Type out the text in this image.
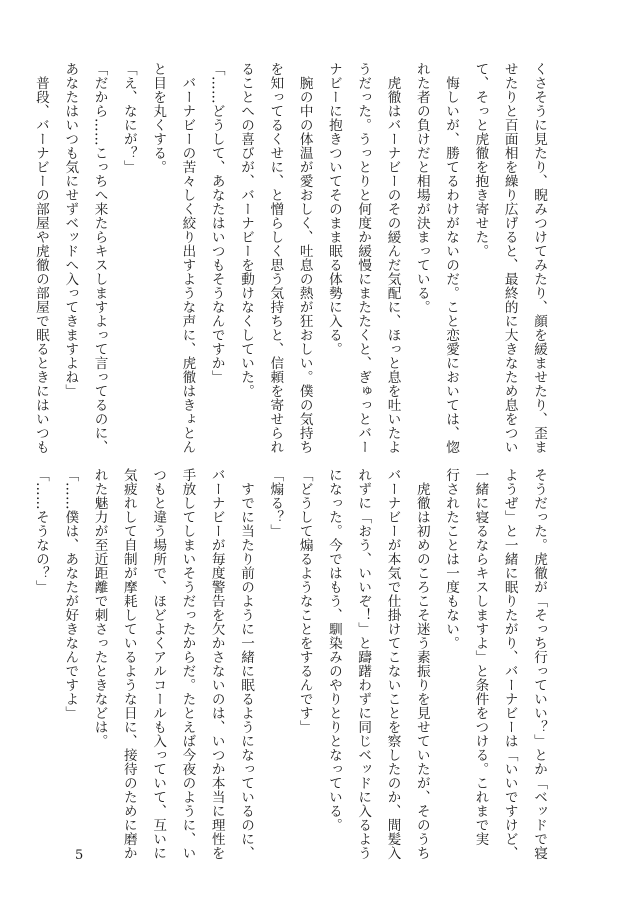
くさそうに見たり、睨みつけてみたり、顔を緩ませたり、歪ま
せたりと百面相を繰り広げると、最終的に大きなため息をつい
て、そっと虎徹を抱き寄せた。
　悔しいが、勝てるわけがないのだ。こと恋愛においては、惚
れた者の負けだと相場が決まっている。
　虎徹はバーナビーのその緩んだ気配に、ほっと息を吐いたよ
うだった。うっとりと何度か緩慢にまたたくと、ぎゅっとバー
ナビーに抱きついてそのまま眠る体勢に入る。
　腕の中の体温が愛おしく、吐息の熱が狂おしい。僕の気持ち
を知ってるくせに、と憎らしく思う気持ちと、信頼を寄せられ
ることへの喜びが、バーナビーを動けなくしていた。
「……どうして、あなたはいつもそうなんですか」
　バーナビーの苦々しく絞り出すような声に、虎徹はきょとん
と目を丸くする。
「え、なにが？」
「だから……こっちへ来たらキスしますよって言ってるのに、
あなたはいつも気にせずベッドへ入ってきますよね」
　普段、バーナビーの部屋や虎徹の部屋で眠るときにはいつも
そうだった。虎徹が「そっち行っていい？」とか「ベッドで寝
ようぜ」と一緒に眠りたがり、バーナビーは「いいですけど、
一緒に寝るならキスしますよ」と条件をつける。これまで実
行されたことは一度もない。
　虎徹は初めのころこそ迷う素振りを見せていたが、そのうち
バーナビーが本気で仕掛けてこないことを察したのか、間髪入
れずに「おう、いいぞ！」と躊躇わずに同じベッドに入るよう
になった。今ではもう、馴染みのやりとりとなっている。
「どうして煽るようなことをするんです」
「煽る？」
　すでに当たり前のように一緒に眠るようになっているのに、
バーナビーが毎度警告を欠かさないのは、いつか本当に理性を
手放してしまいそうだったからだ。たとえば今夜のように、い
つもと違う場所で、ほどよくアルコールも入っていて、互いに
気疲れして自制が摩耗しているような日に、接待のために磨か
れた魅力が至近距離で刺さったときなどは。
「……僕は、あなたが好きなんですよ」
「……そうなの？」
5
